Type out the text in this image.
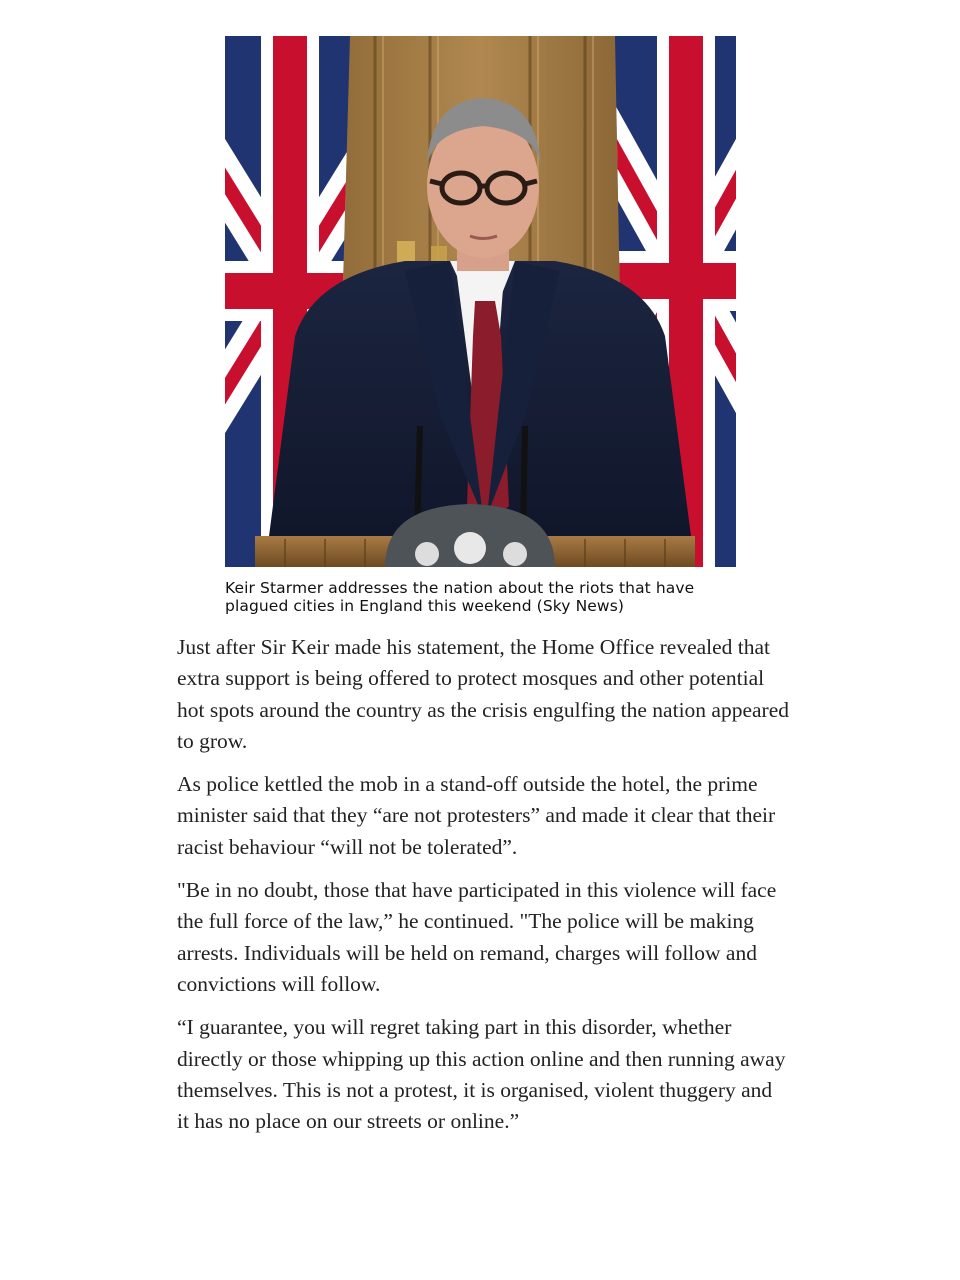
Keir Starmer addresses the nation about the riots that have plagued cities in England this weekend (Sky News)

Just after Sir Keir made his statement, the Home Office revealed that extra support is being offered to protect mosques and other potential hot spots around the country as the crisis engulfing the nation appeared to grow.

As police kettled the mob in a stand-off outside the hotel, the prime minister said that they “are not protesters” and made it clear that their racist behaviour “will not be tolerated”.

"Be in no doubt, those that have participated in this violence will face the full force of the law,” he continued. "The police will be making arrests. Individuals will be held on remand, charges will follow and convictions will follow.

“I guarantee, you will regret taking part in this disorder, whether directly or those whipping up this action online and then running away themselves. This is not a protest, it is organised, violent thuggery and it has no place on our streets or online.”
